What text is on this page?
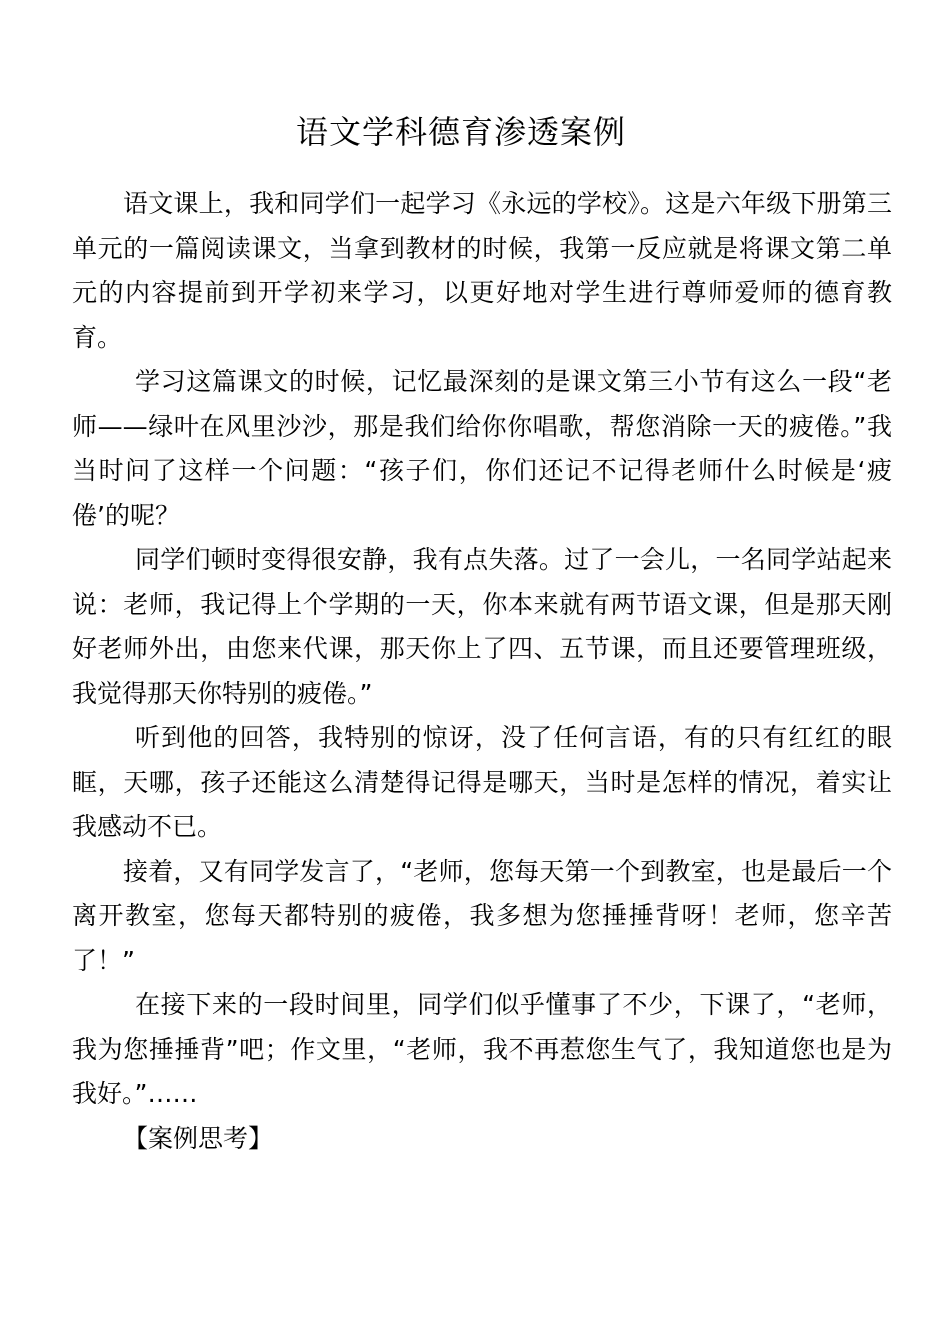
语文学科德育渗透案例

语文课上，我和同学们一起学习《永远的学校》。这是六年级下册第三单元的一篇阅读课文，当拿到教材的时候，我第一反应就是将课文第二单元的内容提前到开学初来学习，以更好地对学生进行尊师爱师的德育教育。

学习这篇课文的时候，记忆最深刻的是课文第三小节有这么一段“老师——绿叶在风里沙沙，那是我们给你你唱歌，帮您消除一天的疲倦。”我当时问了这样一个问题：“孩子们，你们还记不记得老师什么时候是‘疲倦’的呢？

同学们顿时变得很安静，我有点失落。过了一会儿，一名同学站起来说：老师，我记得上个学期的一天，你本来就有两节语文课，但是那天刚好老师外出，由您来代课，那天你上了四、五节课，而且还要管理班级，我觉得那天你特别的疲倦。”

听到他的回答，我特别的惊讶，没了任何言语，有的只有红红的眼眶，天哪，孩子还能这么清楚得记得是哪天，当时是怎样的情况，着实让我感动不已。

接着，又有同学发言了，“老师，您每天第一个到教室，也是最后一个离开教室，您每天都特别的疲倦，我多想为您捶捶背呀！老师，您辛苦了！”

在接下来的一段时间里，同学们似乎懂事了不少，下课了，“老师，我为您捶捶背”吧；作文里，“老师，我不再惹您生气了，我知道您也是为我好。”……

【案例思考】
